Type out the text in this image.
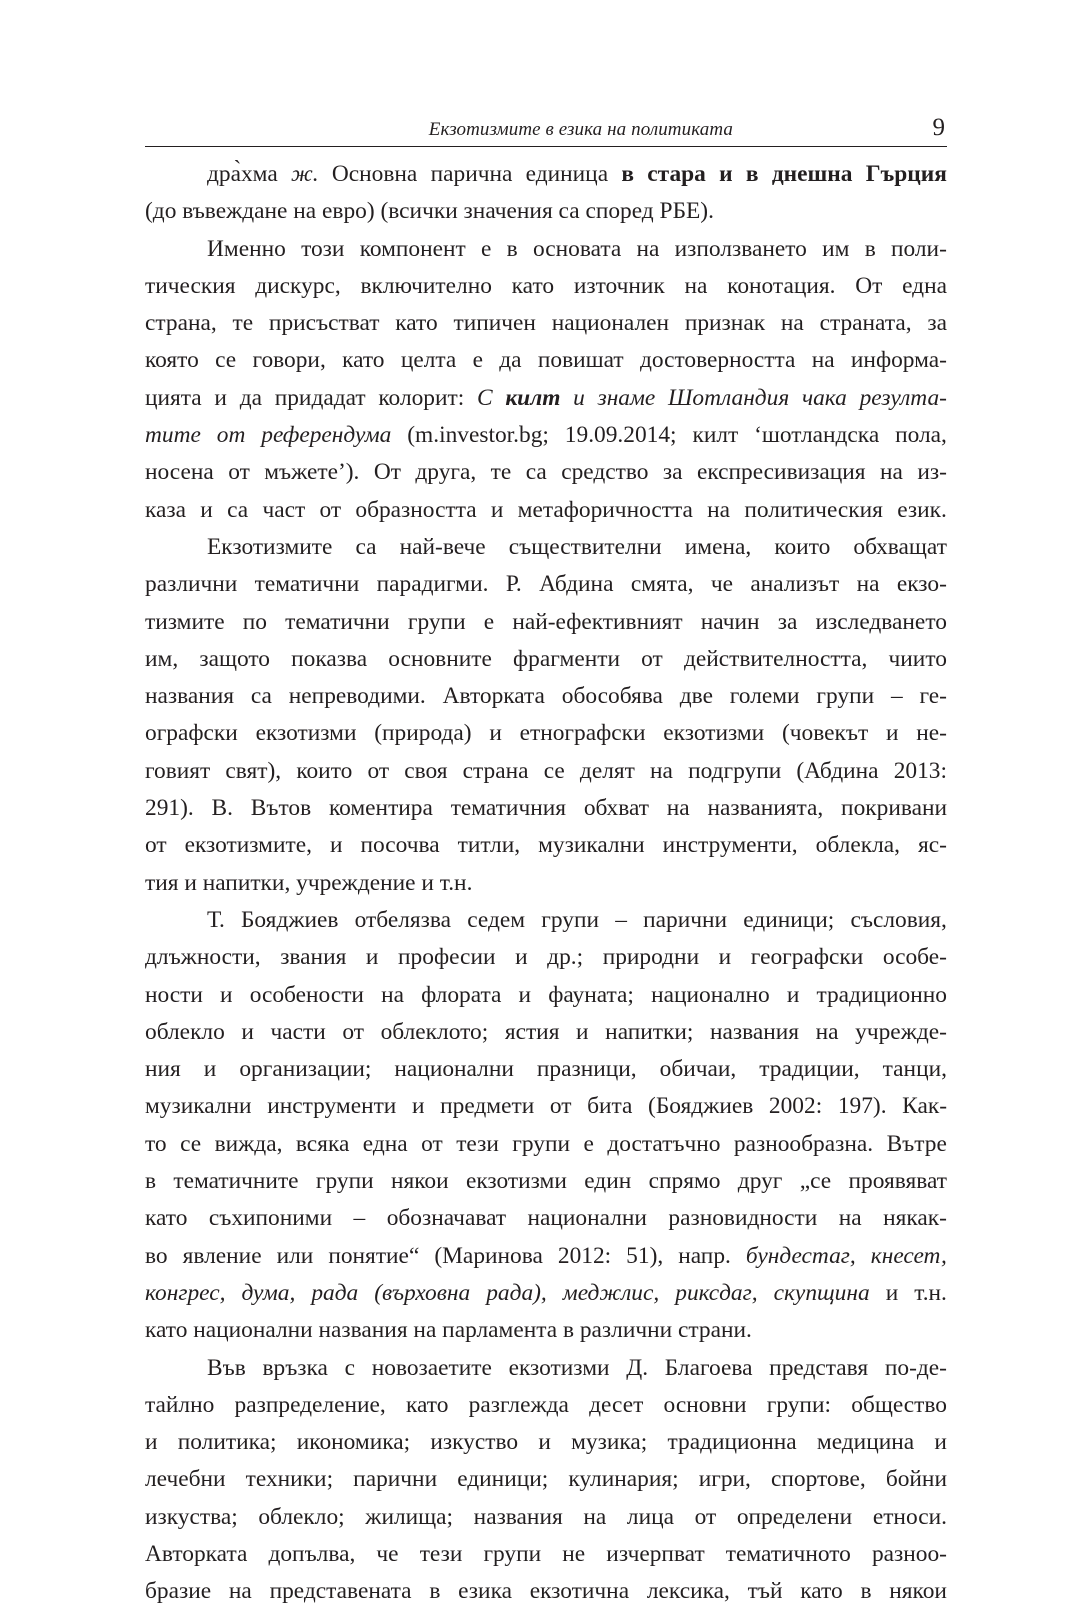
Екзотизмите в езика на политиката	9
дра̀хма ж. Основна парична единица в стара и в днешна Гърция
(до въвеждане на евро) (всички значения са според РБЕ).
Именно този компонент е в основата на използването им в поли-
тическия дискурс, включително като източник на конотация. От една
страна, те присъстват като типичен национален признак на страната, за
която се говори, като целта е да повишат достоверността на информа-
цията и да придадат колорит: С килт и знаме Шотландия чака резулта-
тите от референдума (m.investor.bg; 19.09.2014; килт ‘шотландска пола,
носена от мъжете’). От друга, те са средство за експресивизация на из-
каза и са част от образността и метафоричността на политическия език.
Екзотизмите са най-вече съществителни имена, които обхващат
различни тематични парадигми. Р. Абдина смята, че анализът на екзо-
тизмите по тематични групи е най-ефективният начин за изследването
им, защото показва основните фрагменти от действителността, чиито
названия са непреводими. Авторката обособява две големи групи – ге-
ографски екзотизми (природа) и етнографски екзотизми (човекът и не-
говият свят), които от своя страна се делят на подгрупи (Абдина 2013:
291). В. Вътов коментира тематичния обхват на названията, покривани
от екзотизмите, и посочва титли, музикални инструменти, облекла, яс-
тия и напитки, учреждение и т.н.
Т. Бояджиев отбелязва седем групи – парични единици; съсловия,
длъжности, звания и професии и др.; природни и географски особе-
ности и особености на флората и фауната; национално и традиционно
облекло и части от облеклото; ястия и напитки; названия на учрежде-
ния и организации; национални празници, обичаи, традиции, танци,
музикални инструменти и предмети от бита (Бояджиев 2002: 197). Как-
то се вижда, всяка една от тези групи е достатъчно разнообразна. Вътре
в тематичните групи някои екзотизми един спрямо друг „се проявяват
като съхипоними – обозначават национални разновидности на някак-
во явление или понятие“ (Маринова 2012: 51), напр. бундестаг, кнесет,
конгрес, дума, рада (върховна рада), меджлис, риксдаг, скупщина и т.н.
като национални названия на парламента в различни страни.
Във връзка с новозаетите екзотизми Д. Благоева представя по-де-
тайлно разпределение, като разглежда десет основни групи: общество
и политика; икономика; изкуство и музика; традиционна медицина и
лечебни техники; парични единици; кулинария; игри, спортове, бойни
изкуства; облекло; жилища; названия на лица от определени етноси.
Авторката допълва, че тези групи не изчерпват тематичното разноо-
бразие на представената в езика екзотична лексика, тъй като в някои
